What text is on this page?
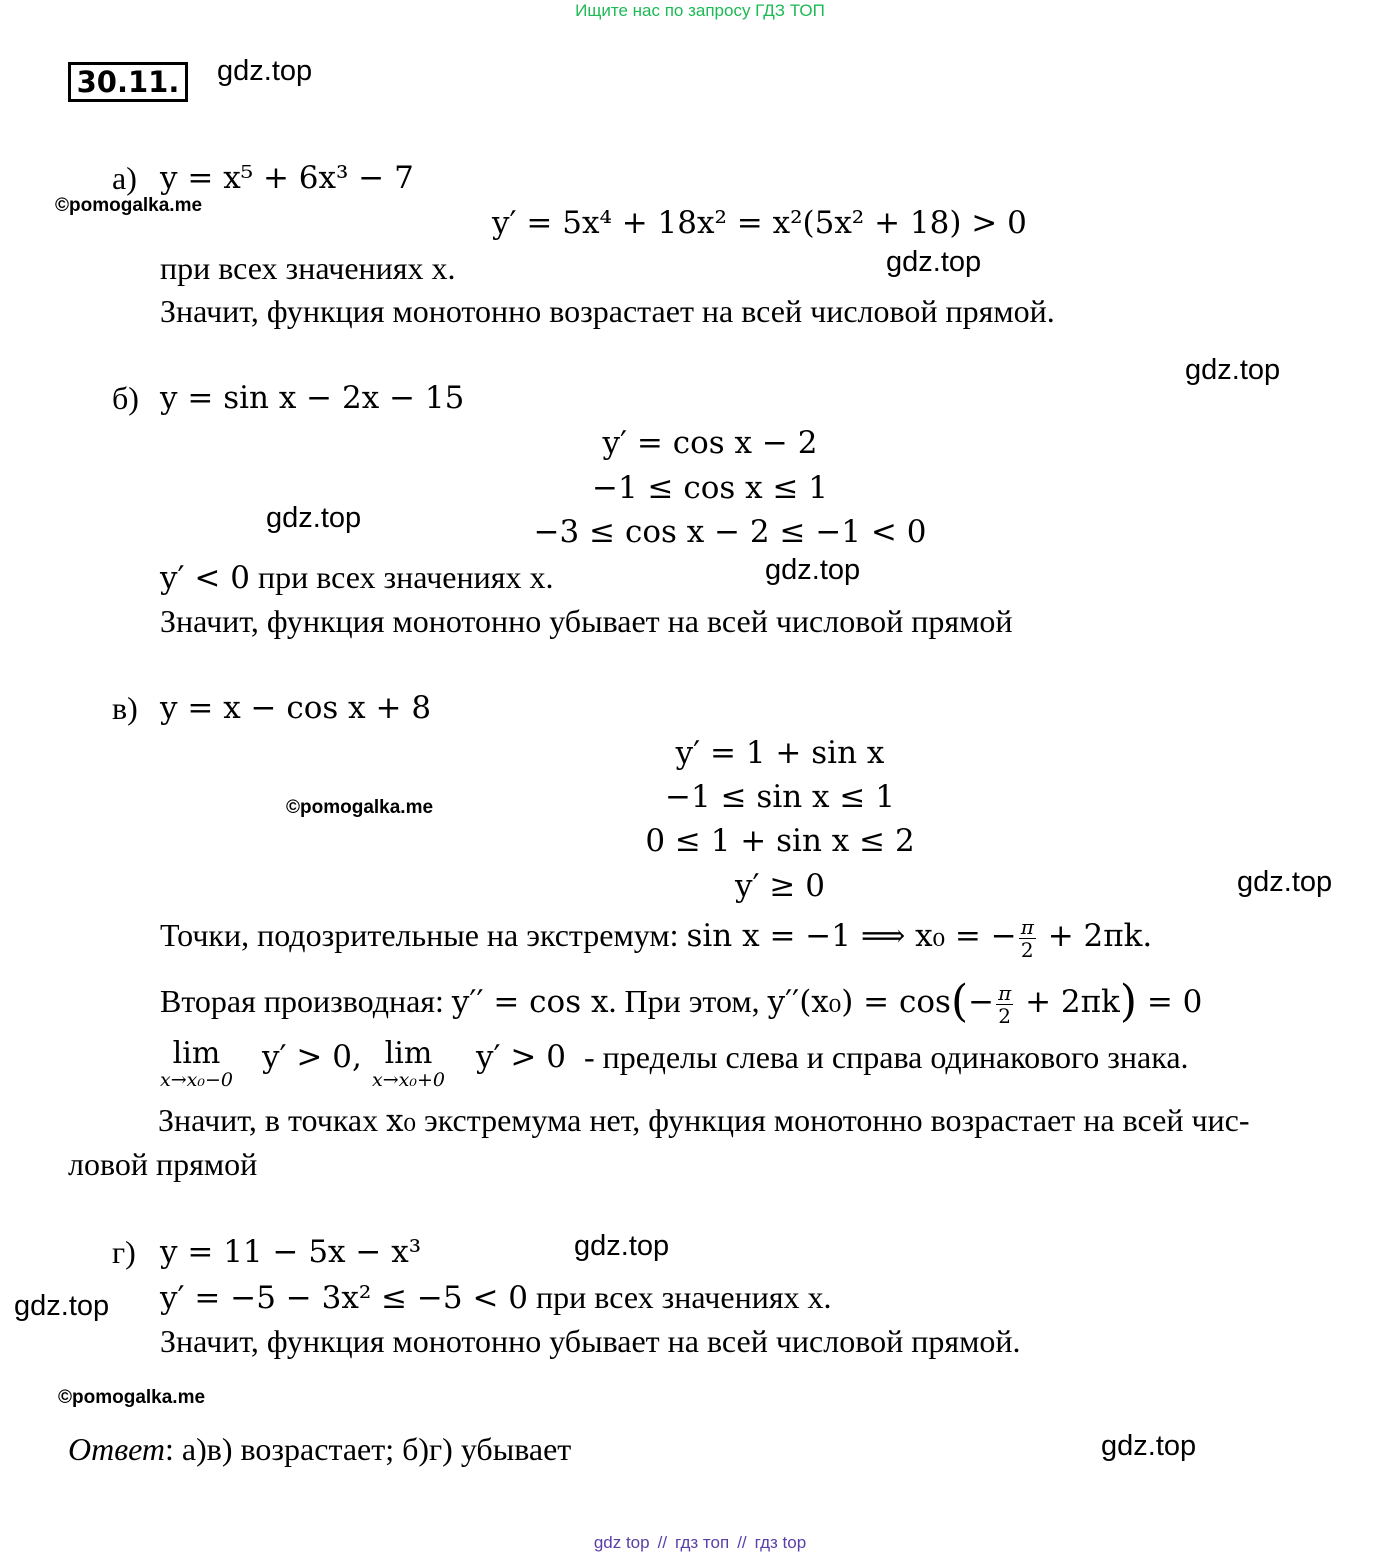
Ищите нас по запросу ГДЗ ТОП
30.11. gdz.top
а) y = x⁵ + 6x³ − 7
©pomogalka.me	y′ = 5x⁴ + 18x² = x²(5x² + 18) > 0
при всех значениях x.	gdz.top
Значит, функция монотонно возрастает на всей числовой прямой.
gdz.top
б) y = sin x − 2x − 15
y′ = cos x − 2
−1 ≤ cos x ≤ 1
gdz.top	−3 ≤ cos x − 2 ≤ −1 < 0
y′ < 0 при всех значениях x.	gdz.top
Значит, функция монотонно убывает на всей числовой прямой
в) y = x − cos x + 8
y′ = 1 + sin x
©pomogalka.me	−1 ≤ sin x ≤ 1
0 ≤ 1 + sin x ≤ 2
y′ ≥ 0	gdz.top
Точки, подозрительные на экстремум: sin x = −1 ⟹ x₀ = − $\frac{\pi}{2} + 2\pi k$.
Вторая производная: y′′ = cos x. При этом, $y''(x_0) = \cos(- \frac{\pi}{2} + 2\pi k) = 0$
lim
x→x₀−0
y′ > 0, lim
x→x₀+0
y′ > 0 - пределы слева и справа одинакового знака.
Значит, в точках x₀ экстремума нет, функция монотонно возрастает на всей чис-
ловой прямой
г) y = 11 − 5x − x³	gdz.top
gdz.top y′ = −5 − 3x² ≤ −5 < 0 при всех значениях x.
Значит, функция монотонно убывает на всей числовой прямой.
©pomogalka.me
Ответ: а)в) возрастает; б)г) убывает	gdz.top
gdz top // гдз топ // гдз top
